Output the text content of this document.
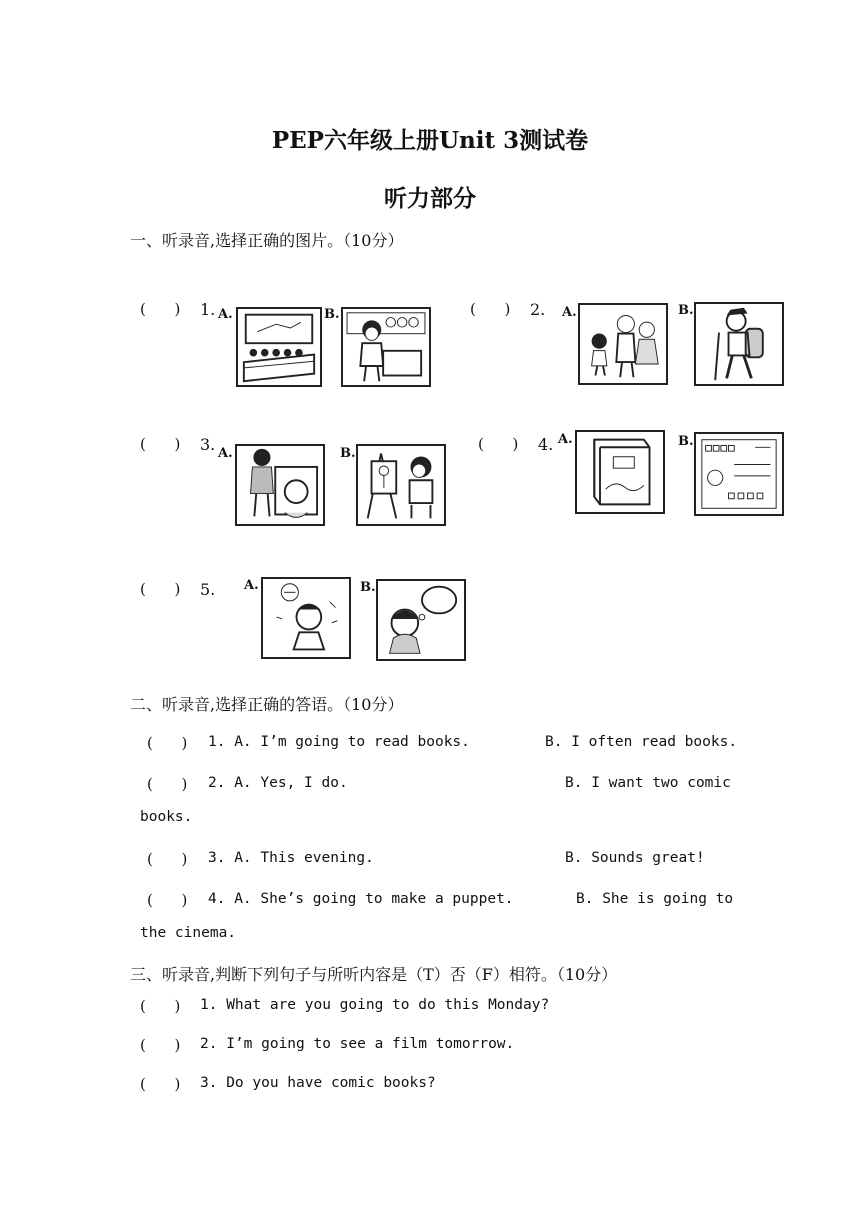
PEP六年级上册Unit 3测试卷
听力部分
一、听录音,选择正确的图片。（10分）
(      ) 1. A.	B.	(      ) 2. A.	B.
(      ) 3. A.	B.
(      ) 4. A.	B.
(      ) 5. A.	B.
二、听录音,选择正确的答语。（10分）
(      ) 1. A. I’m going to read books.	B. I often read books.
(      ) 2. A. Yes, I do.	B. I want two comic
books.
(      ) 3. A. This evening.	B. Sounds great!
(      ) 4. A. She’s going to make a puppet.	B. She is going to
the cinema.
三、听录音,判断下列句子与所听内容是（T）否（F）相符。（10分）
(      ) 1. What are you going to do this Monday?
(      ) 2. I’m going to see a film tomorrow.
(      ) 3. Do you have comic books?
